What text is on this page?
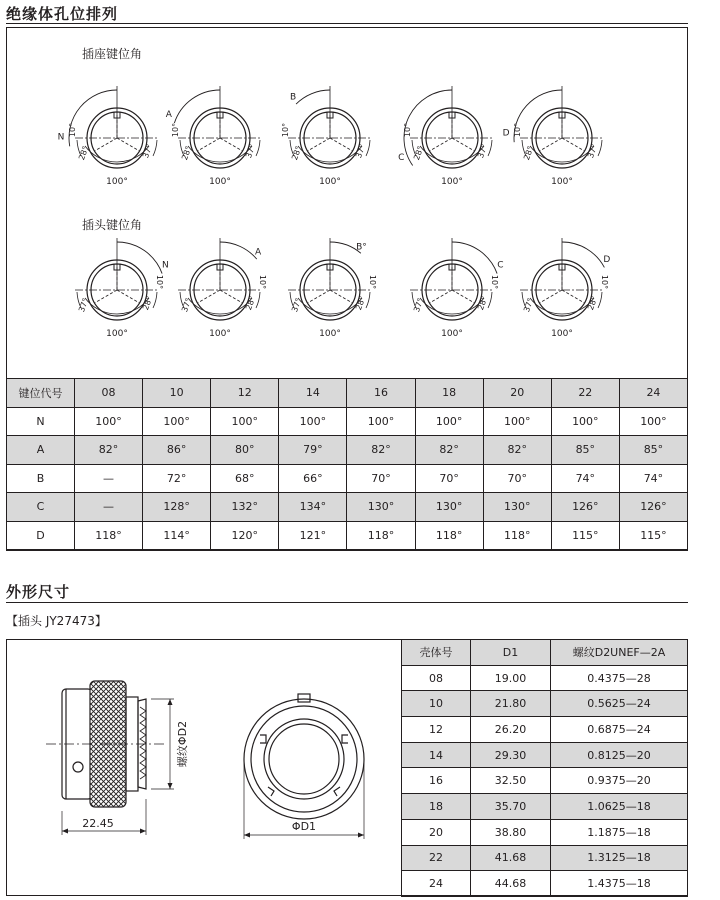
绝缘体孔位排列
插座键位角
插头键位角
N
10°
28°	37°
100°
A
10°
28°	37°
100°
B
10°
28°	37°
100°
C
10°
28°	37°
100°
D 10°
28°	37°
100°
N
10°
37°	28°
100°
A
10°
37°	28°
100°
B°
10°
37°	28°
100°
C
10°
37°	28°
100°
D
10°
37°	28°
100°
键位代号	08	10	12	14	16	18	20	22	24
N	100°	100°	100°	100°	100°	100°	100°	100°	100°
A	82°	86°	80°	79°	82°	82°	82°	85°	85°
B	—	72°	68°	66°	70°	70°	70°	74°	74°
C	—	128°	132°	134°	130°	130°	130°	126°	126°
D	118°	114°	120°	121°	118°	118°	118°	115°	115°
外形尺寸
【插头 JY27473】
22.45
螺纹ΦD2
ΦD1
壳体号	D1	螺纹D2UNEF—2A
08	19.00	0.4375—28
10	21.80	0.5625—24
12	26.20	0.6875—24
14	29.30	0.8125—20
16	32.50	0.9375—20
18	35.70	1.0625—18
20	38.80	1.1875—18
22	41.68	1.3125—18
24	44.68	1.4375—18
